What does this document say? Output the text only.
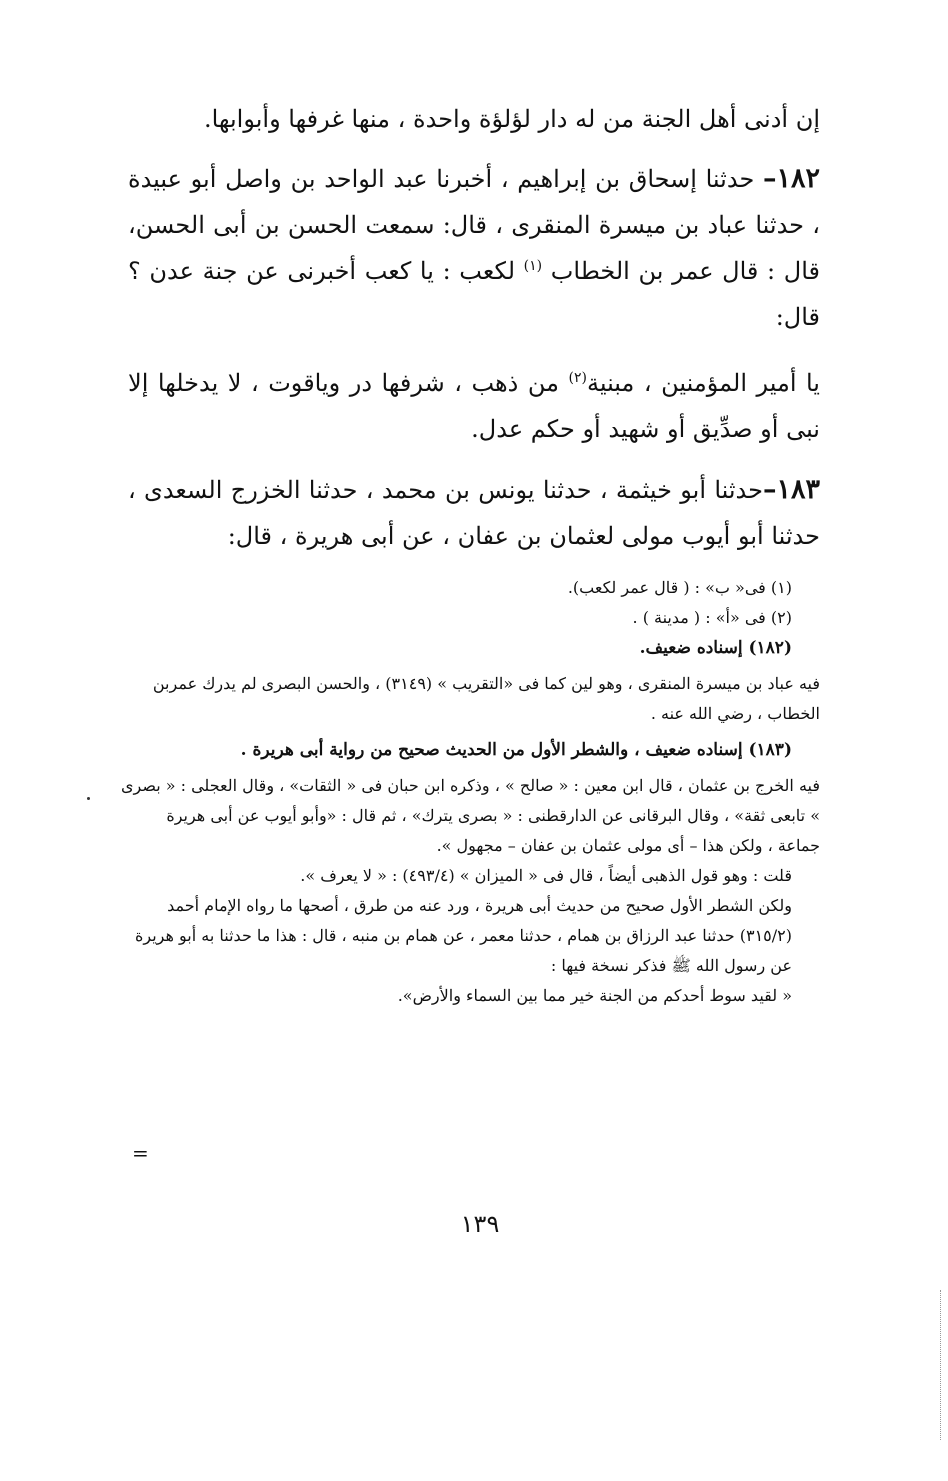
إن أدنى أهل الجنة من له دار لؤلؤة واحدة ، منها غرفها وأبوابها.

١٨٢– حدثنا إسحاق بن إبراهيم ، أخبرنا عبد الواحد بن واصل أبو عبيدة ، حدثنا عباد بن ميسرة المنقرى ، قال: سمعت الحسن بن أبى الحسن، قال : قال عمر بن الخطاب $^{(١)}$ لكعب : يا كعب أخبرنى عن جنة عدن ؟ قال:

يا أمير المؤمنين ، مبنية$^{(٢)}$ من ذهب ، شرفها در وياقوت ، لا يدخلها إلا نبى أو صدِّيق أو شهيد أو حكم عدل.

١٨٣–حدثنا أبو خيثمة ، حدثنا يونس بن محمد ، حدثنا الخزرج السعدى ، حدثنا أبو أيوب مولى لعثمان بن عفان ، عن أبى هريرة ، قال:

(١) فى« ب» : ( قال عمر لكعب).

(٢) فى «أ» : ( مدينة ) .

(١٨٢) إسناده ضعيف.

فيه عباد بن ميسرة المنقرى ، وهو لين كما فى «التقريب » (٣١٤٩) ، والحسن البصرى لم يدرك عمربن الخطاب ، رضي الله عنه .

(١٨٣) إسناده ضعيف ، والشطر الأول من الحديث صحيح من رواية أبى هريرة .

فيه الخرج بن عثمان ، قال ابن معين : « صالح » ، وذكره ابن حبان فى « الثقات» ، وقال العجلى : « بصرى » تابعى ثقة» ، وقال البرقانى عن الدارقطنى : « بصرى يترك» ، ثم قال : «وأبو أيوب عن أبى هريرة جماعة ، ولكن هذا – أى مولى عثمان بن عفان – مجهول ».

قلت : وهو قول الذهبى أيضاً ، قال فى « الميزان » (٤٩٣/٤) : « لا يعرف ».

ولكن الشطر الأول صحيح من حديث أبى هريرة ، ورد عنه من طرق ، أصحها ما رواه الإمام أحمد (٣١٥/٢) حدثنا عبد الرزاق بن همام ، حدثنا معمر ، عن همام بن منبه ، قال : هذا ما حدثنا به أبو هريرة عن رسول الله ﷺ فذكر نسخة فيها :

« لقيد سوط أحدكم من الجنة خير مما بين السماء والأرض».

=
١٣٩
